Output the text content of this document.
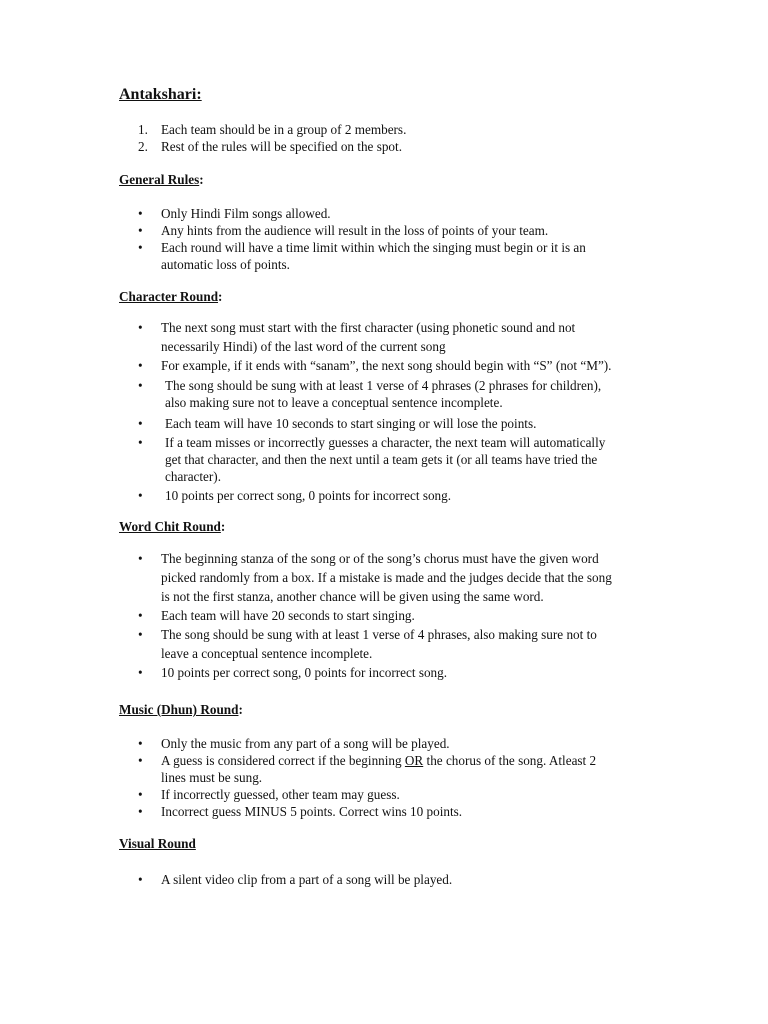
Antakshari:
1. Each team should be in a group of 2 members.
2. Rest of the rules will be specified on the spot.

General Rules:

•	Only Hindi Film songs allowed.
•	Any hints from the audience will result in the loss of points of your team.
•	Each round will have a time limit within which the singing must begin or it is an automatic loss of points.

Character Round:

•	The next song must start with the first character (using phonetic sound and not necessarily Hindi) of the last word of the current song
•	For example, if it ends with “sanam”, the next song should begin with “S” (not “M”).
•	The song should be sung with at least 1 verse of 4 phrases (2 phrases for children), also making sure not to leave a conceptual sentence incomplete.
•	Each team will have 10 seconds to start singing or will lose the points.
•	If a team misses or incorrectly guesses a character, the next team will automatically get that character, and then the next until a team gets it (or all teams have tried the character).
•	10 points per correct song, 0 points for incorrect song.

Word Chit Round:

•	The beginning stanza of the song or of the song’s chorus must have the given word picked randomly from a box. If a mistake is made and the judges decide that the song is not the first stanza, another chance will be given using the same word.
•	Each team will have 20 seconds to start singing.
•	The song should be sung with at least 1 verse of 4 phrases, also making sure not to leave a conceptual sentence incomplete.
•	10 points per correct song, 0 points for incorrect song.

Music (Dhun) Round:

•	Only the music from any part of a song will be played.
•	A guess is considered correct if the beginning OR the chorus of the song. Atleast 2 lines must be sung.
•	If incorrectly guessed, other team may guess.
•	Incorrect guess MINUS 5 points. Correct wins 10 points.

Visual Round

•	A silent video clip from a part of a song will be played.
